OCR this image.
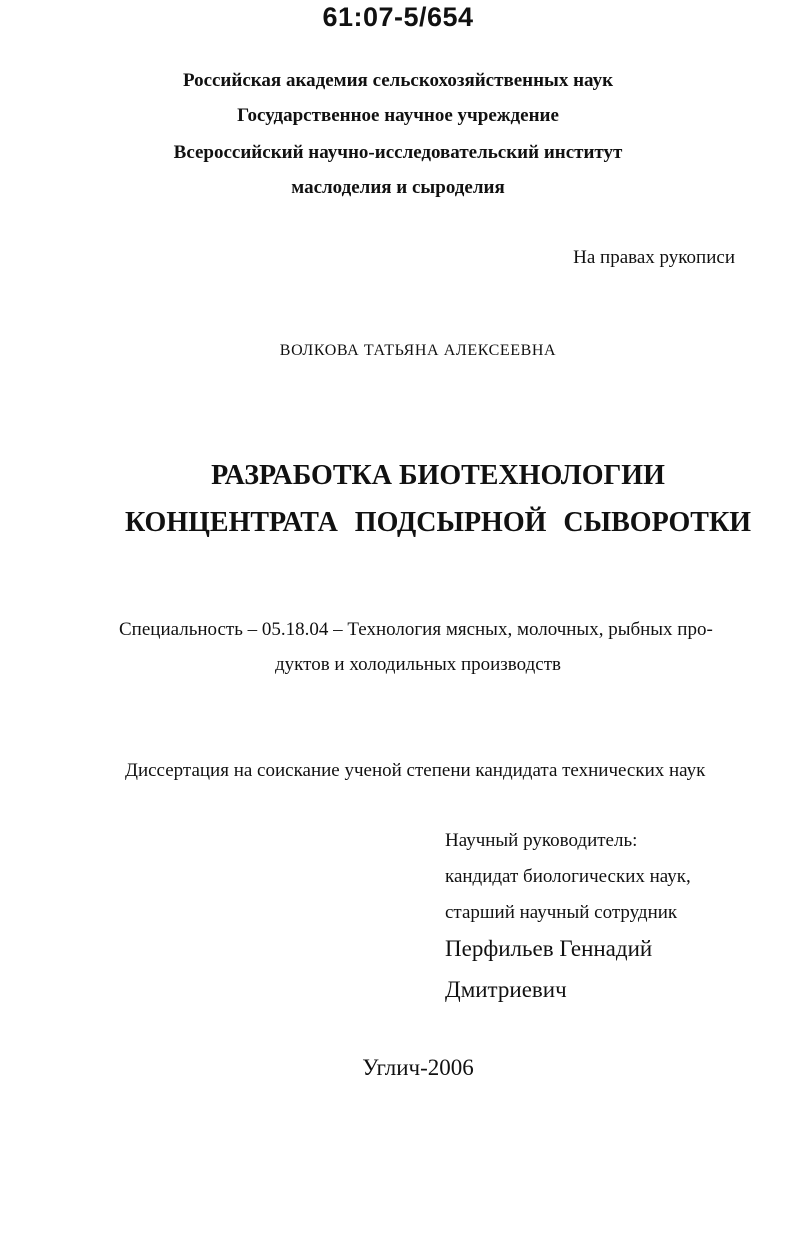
61:07-5/654
Российская академия сельскохозяйственных наук
Государственное научное учреждение
Всероссийский научно-исследовательский институт
маслоделия и сыроделия
На правах рукописи
ВОЛКОВА ТАТЬЯНА АЛЕКСЕЕВНА
РАЗРАБОТКА БИОТЕХНОЛОГИИ
КОНЦЕНТРАТА ПОДСЫРНОЙ СЫВОРОТКИ
Специальность – 05.18.04 – Технология мясных, молочных, рыбных про-
дуктов и холодильных производств
Диссертация на соискание ученой степени кандидата технических наук
Научный руководитель:
кандидат биологических наук,
старший научный сотрудник
Перфильев Геннадий
Дмитриевич
Углич-2006
